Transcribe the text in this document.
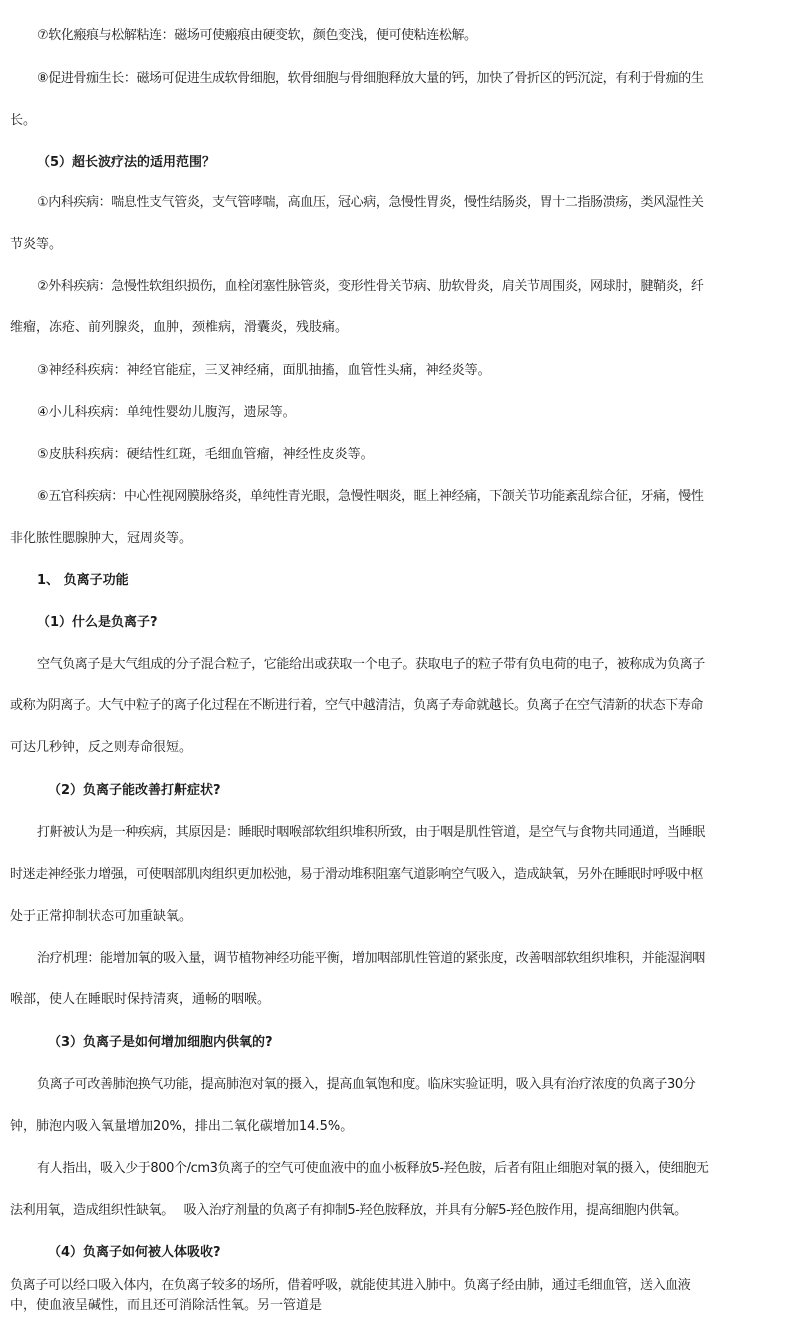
⑦软化瘢痕与松解粘连：磁场可使瘢痕由硬变软，颜色变浅，便可使粘连松解。
⑧促进骨痂生长：磁场可促进生成软骨细胞，软骨细胞与骨细胞释放大量的钙，加快了骨折区的钙沉淀，有利于骨痂的生
长。
（5）超长波疗法的适用范围？
①内科疾病：喘息性支气管炎，支气管哮喘，高血压，冠心病，急慢性胃炎，慢性结肠炎，胃十二指肠溃疡，类风湿性关
节炎等。
②外科疾病：急慢性软组织损伤，血栓闭塞性脉管炎，变形性骨关节病、肋软骨炎，肩关节周围炎，网球肘，腱鞘炎，纤
维瘤，冻疮、前列腺炎，血肿，颈椎病，滑囊炎，残肢痛。
③神经科疾病：神经官能症，三叉神经痛，面肌抽搐，血管性头痛，神经炎等。
④小儿科疾病：单纯性婴幼儿腹泻，遗尿等。
⑤皮肤科疾病：硬结性红斑，毛细血管瘤，神经性皮炎等。
⑥五官科疾病：中心性视网膜脉络炎，单纯性青光眼，急慢性咽炎，眶上神经痛，下颌关节功能紊乱综合征，牙痛，慢性
非化脓性腮腺肿大，冠周炎等。
1、 负离子功能
（1）什么是负离子?
空气负离子是大气组成的分子混合粒子，它能给出或获取一个电子。获取电子的粒子带有负电荷的电子，被称成为负离子
或称为阴离子。大气中粒子的离子化过程在不断进行着，空气中越清洁，负离子寿命就越长。负离子在空气清新的状态下寿命
可达几秒钟，反之则寿命很短。
（2）负离子能改善打鼾症状?
打鼾被认为是一种疾病，其原因是：睡眠时咽喉部软组织堆积所致，由于咽是肌性管道，是空气与食物共同通道，当睡眠
时迷走神经张力增强，可使咽部肌肉组织更加松弛，易于滑动堆积阻塞气道影响空气吸入，造成缺氧，另外在睡眠时呼吸中枢
处于正常抑制状态可加重缺氧。
治疗机理：能增加氧的吸入量，调节植物神经功能平衡，增加咽部肌性管道的紧张度，改善咽部软组织堆积，并能湿润咽
喉部，使人在睡眠时保持清爽，通畅的咽喉。
（3）负离子是如何增加细胞内供氧的?
负离子可改善肺泡换气功能，提高肺泡对氧的摄入，提高血氧饱和度。临床实验证明，吸入具有治疗浓度的负离子30分
钟，肺泡内吸入氧量增加20%，排出二氧化碳增加14.5%。
有人指出，吸入少于800个/cm3负离子的空气可使血液中的血小板释放5-羟色胺，后者有阻止细胞对氧的摄入，使细胞无
法利用氧，造成组织性缺氧。　 吸入治疗剂量的负离子有抑制5-羟色胺释放，并具有分解5-羟色胺作用，提高细胞内供氧。
（4）负离子如何被人体吸收?
负离子可以经口吸入体内，在负离子较多的场所，借着呼吸，就能使其进入肺中。负离子经由肺，通过毛细血管，送入血液
中，使血液呈碱性，而且还可消除活性氧。另一管道是
